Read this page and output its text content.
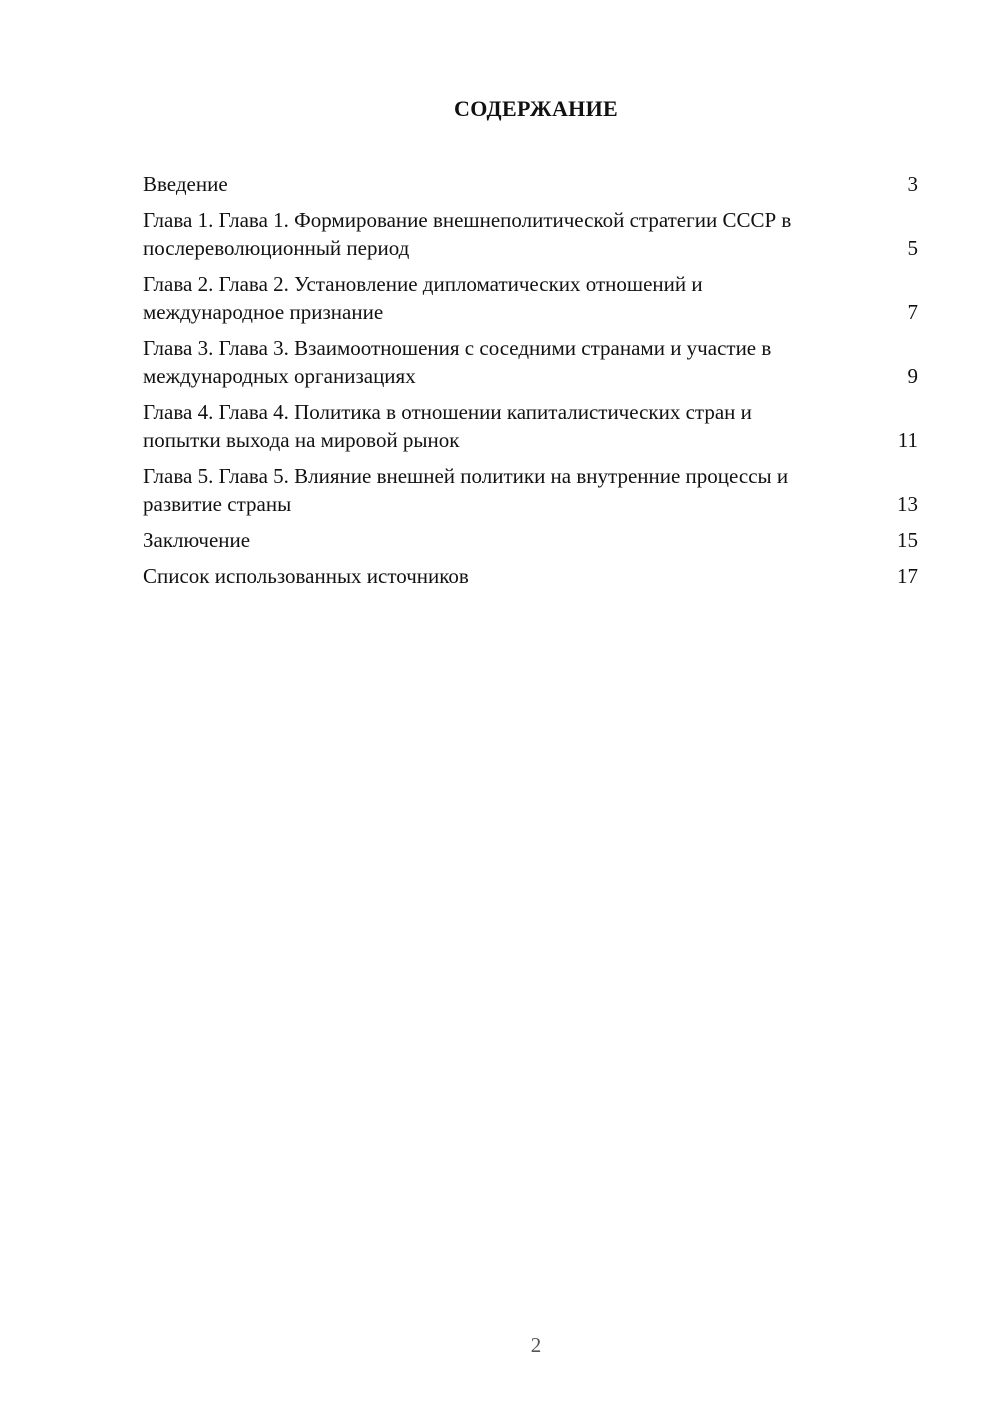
СОДЕРЖАНИЕ
Введение	3
Глава 1. Глава 1. Формирование внешнеполитической стратегии СССР в послереволюционный период	5
Глава 2. Глава 2. Установление дипломатических отношений и международное признание	7
Глава 3. Глава 3. Взаимоотношения с соседними странами и участие в международных организациях	9
Глава 4. Глава 4. Политика в отношении капиталистических стран и попытки выхода на мировой рынок	11
Глава 5. Глава 5. Влияние внешней политики на внутренние процессы и развитие страны	13
Заключение	15
Список использованных источников	17
2
